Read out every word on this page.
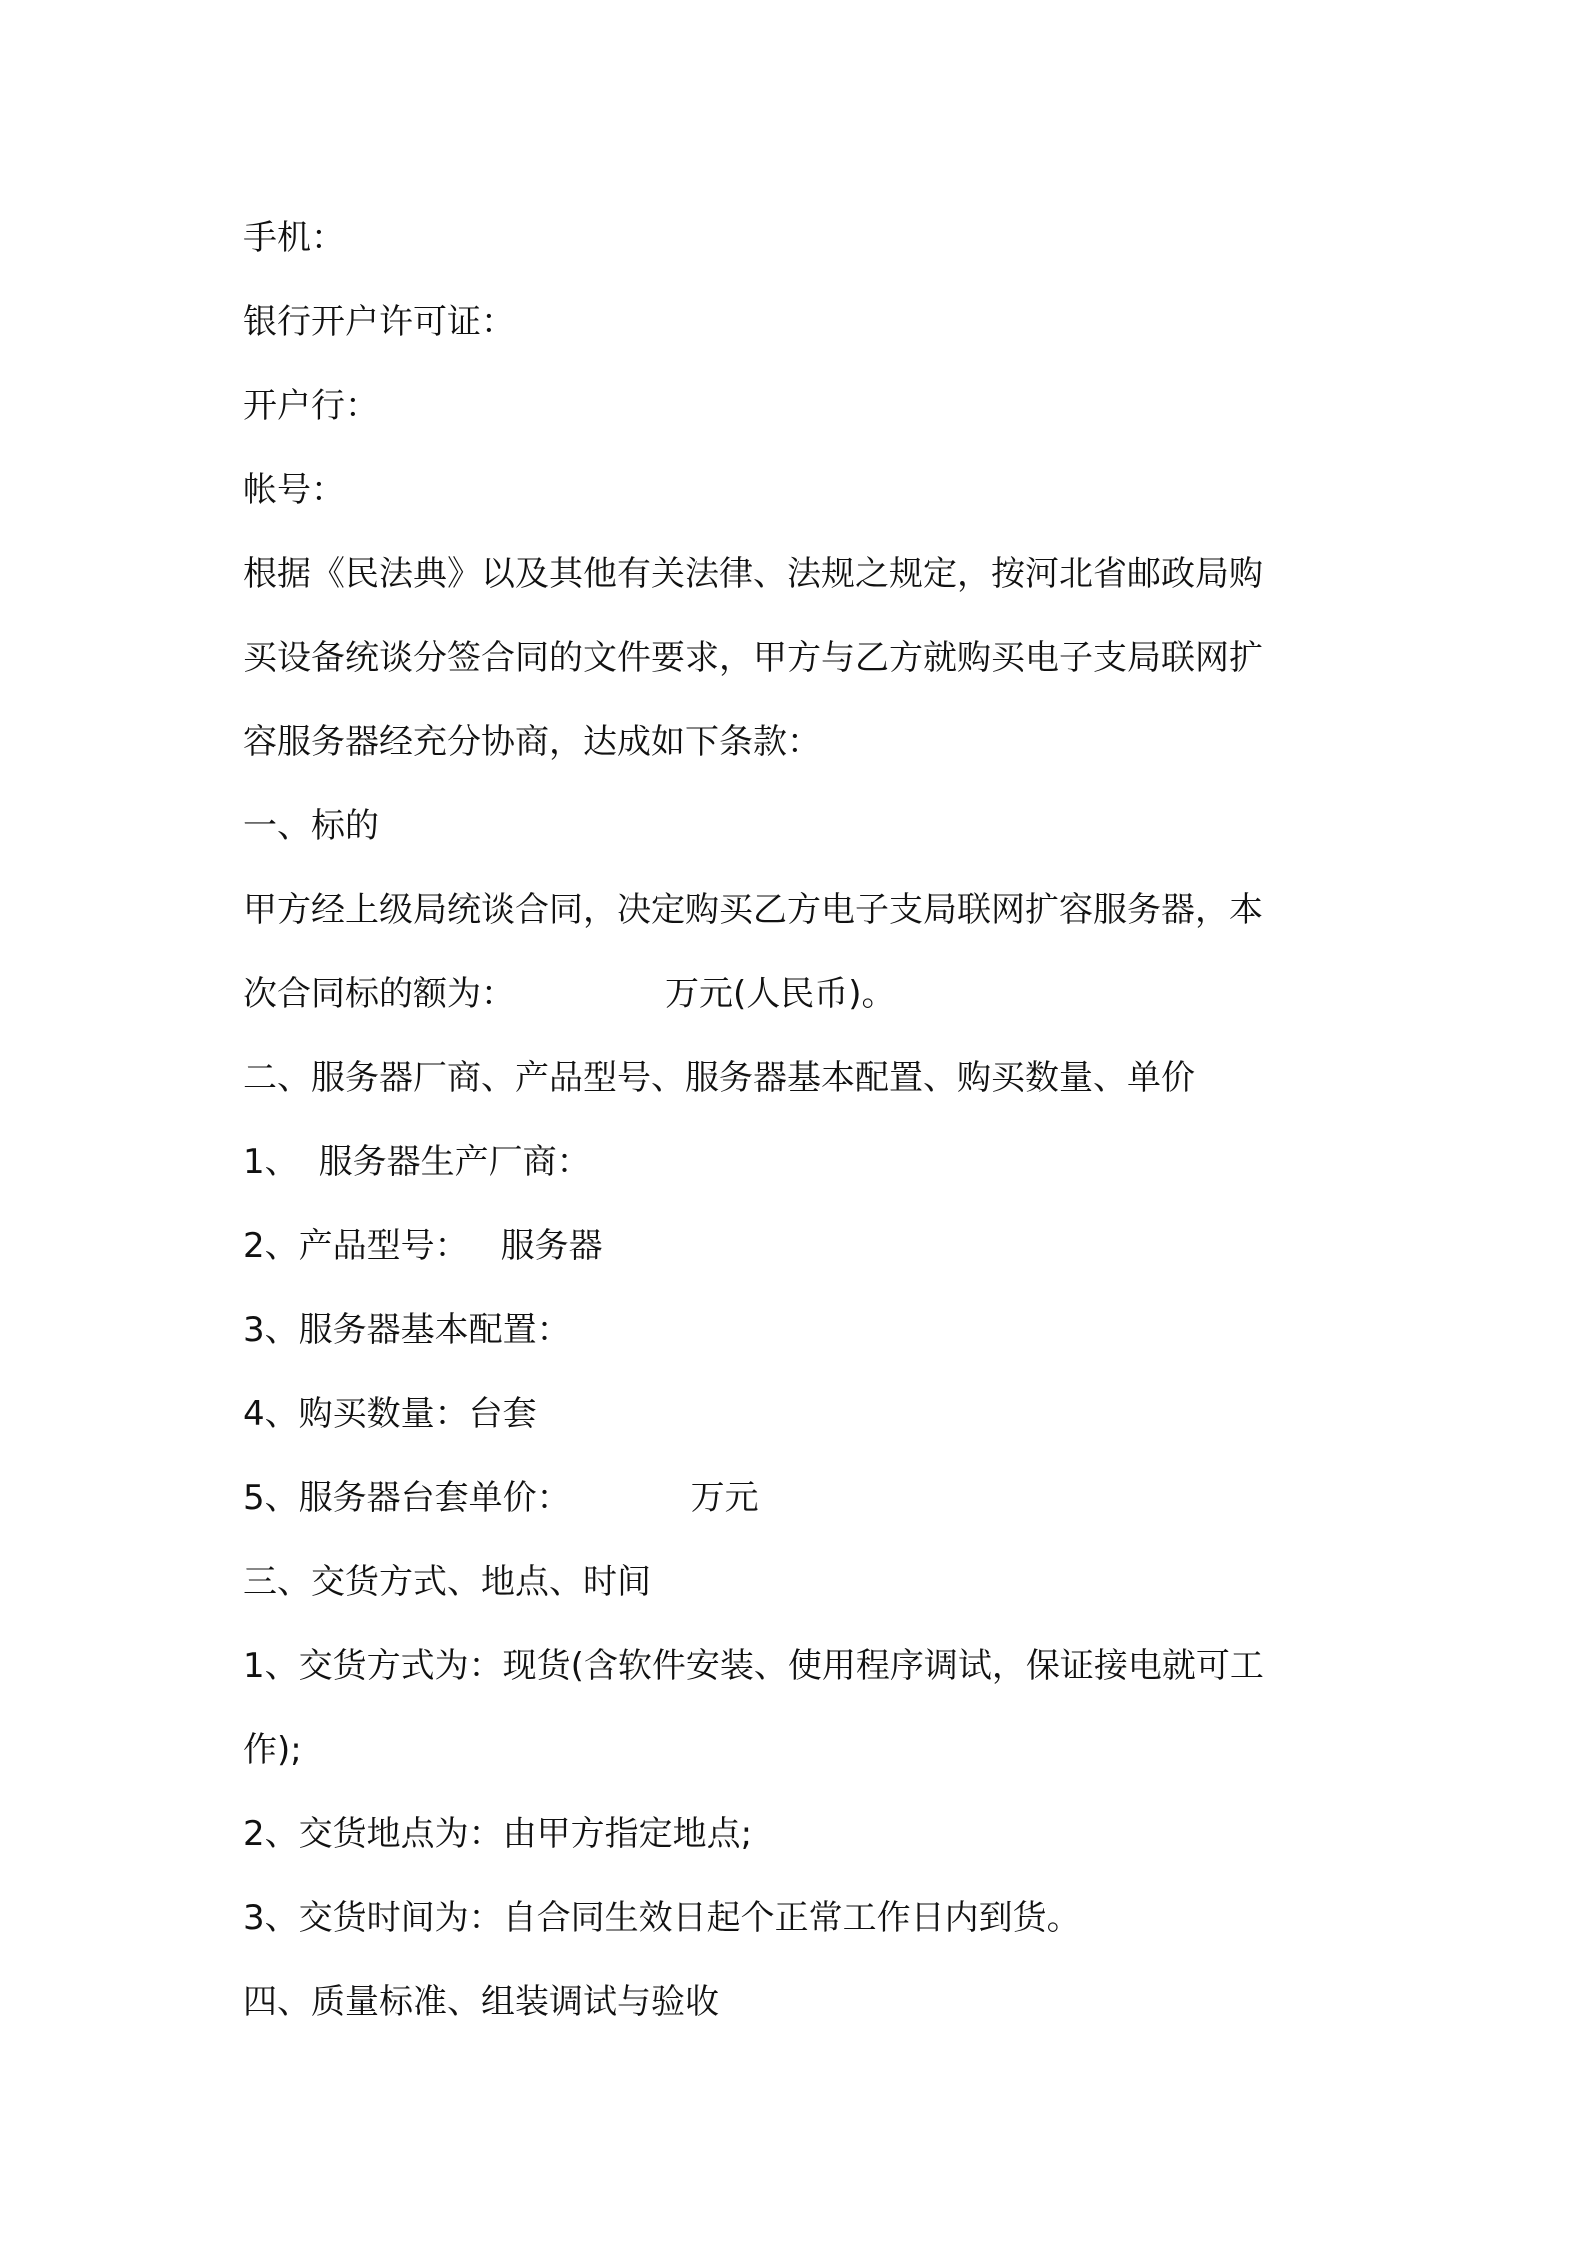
手机：

银行开户许可证：

开户行：

帐号：

根据《民法典》以及其他有关法律、法规之规定，按河北省邮政局购

买设备统谈分签合同的文件要求，甲方与乙方就购买电子支局联网扩

容服务器经充分协商，达成如下条款：

一、标的

甲方经上级局统谈合同，决定购买乙方电子支局联网扩容服务器，本

次合同标的额为：	万元(人民币)。

二、服务器厂商、产品型号、服务器基本配置、购买数量、单价

1、 服务器生产厂商：

2、产品型号： 服务器

3、服务器基本配置：

4、购买数量：台套

5、服务器台套单价：	万元

三、交货方式、地点、时间

1、交货方式为：现货(含软件安装、使用程序调试，保证接电就可工

作);

2、交货地点为：由甲方指定地点;

3、交货时间为：自合同生效日起个正常工作日内到货。

四、质量标准、组装调试与验收
